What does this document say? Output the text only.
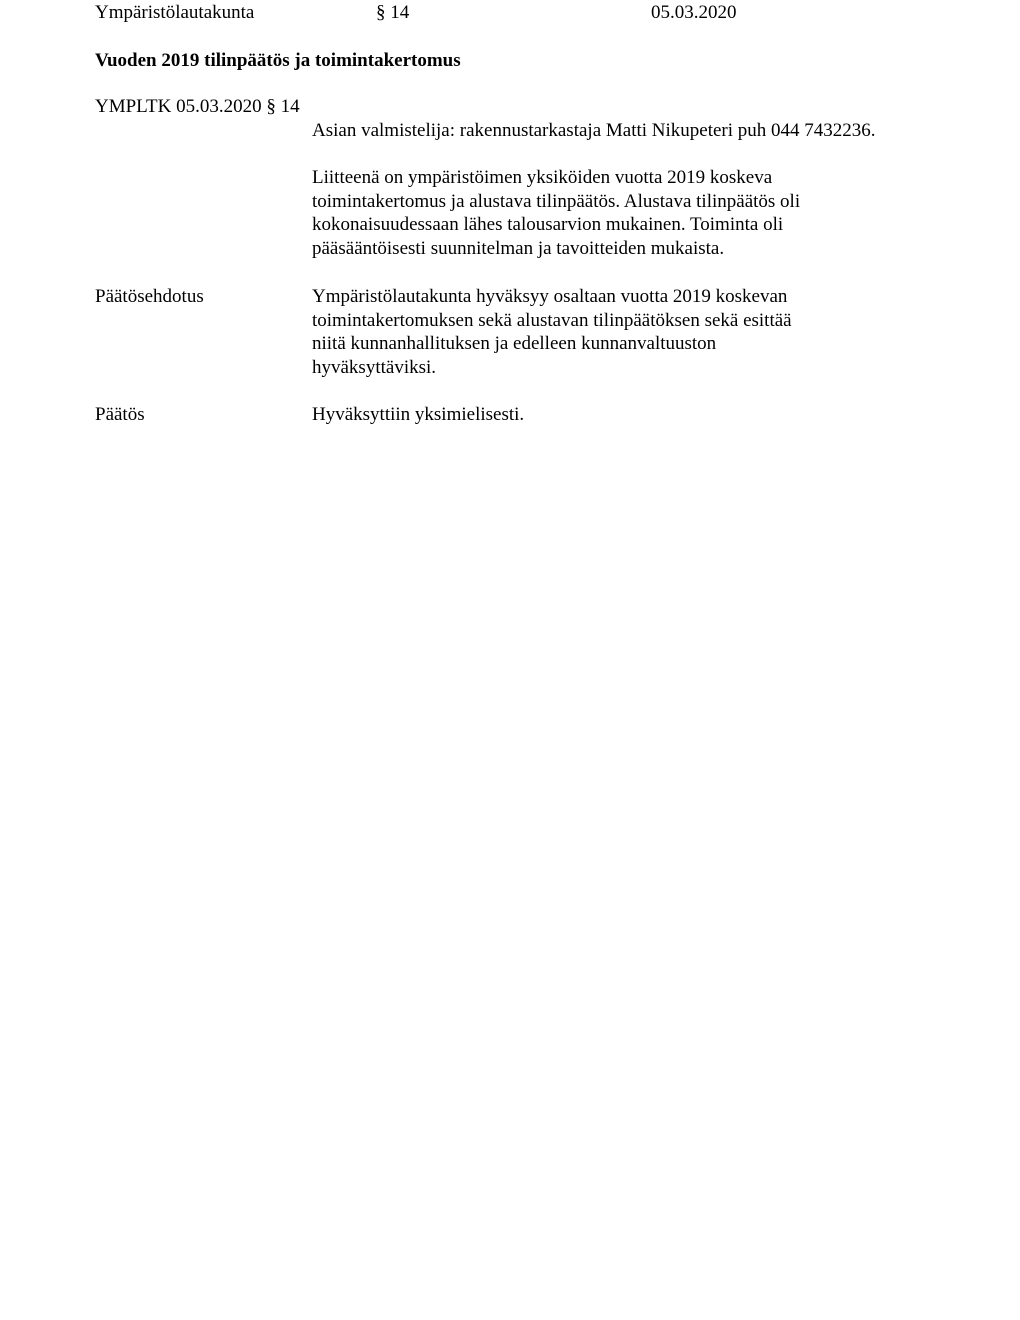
Ympäristölautakunta	§ 14	05.03.2020
Vuoden 2019 tilinpäätös ja toimintakertomus
YMPLTK 05.03.2020 § 14
Asian valmistelija: rakennustarkastaja Matti Nikupeteri puh 044 7432236.
Liitteenä on ympäristöimen yksiköiden vuotta 2019 koskeva
toimintakertomus ja alustava tilinpäätös. Alustava tilinpäätös oli
kokonaisuudessaan lähes talousarvion mukainen. Toiminta oli
pääsääntöisesti suunnitelman ja tavoitteiden mukaista.
Päätösehdotus	Ympäristölautakunta hyväksyy osaltaan vuotta 2019 koskevan
toimintakertomuksen sekä alustavan tilinpäätöksen sekä esittää
niitä kunnanhallituksen ja edelleen kunnanvaltuuston
hyväksyttäviksi.
Päätös	Hyväksyttiin yksimielisesti.
